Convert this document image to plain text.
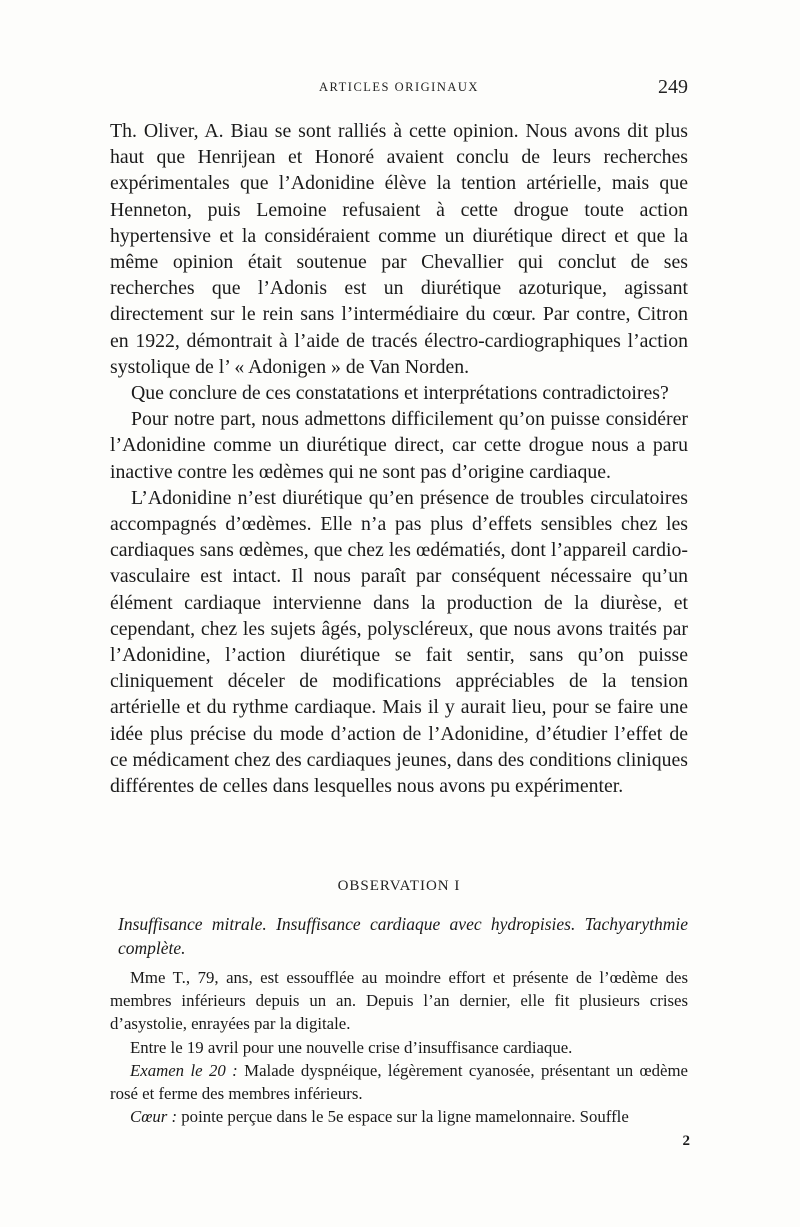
ARTICLES ORIGINAUX	249

Th. Oliver, A. Biau se sont ralliés à cette opinion. Nous avons dit plus haut que Henrijean et Honoré avaient conclu de leurs recherches expérimentales que l’Adonidine élève la tention artérielle, mais que Henneton, puis Lemoine refusaient à cette drogue toute action hypertensive et la considéraient comme un diurétique direct et que la même opinion était soutenue par Chevallier qui conclut de ses recherches que l’Adonis est un diurétique azoturique, agissant directement sur le rein sans l’intermédiaire du cœur. Par contre, Citron en 1922, démontrait à l’aide de tracés électro-cardiographiques l’action systolique de l’ « Adonigen » de Van Norden.

Que conclure de ces constatations et interprétations contradictoires?

Pour notre part, nous admettons difficilement qu’on puisse considérer l’Adonidine comme un diurétique direct, car cette drogue nous a paru inactive contre les œdèmes qui ne sont pas d’origine cardiaque.

L’Adonidine n’est diurétique qu’en présence de troubles circulatoires accompagnés d’œdèmes. Elle n’a pas plus d’effets sensibles chez les cardiaques sans œdèmes, que chez les œdématiés, dont l’appareil cardio-vasculaire est intact. Il nous paraît par conséquent nécessaire qu’un élément cardiaque intervienne dans la production de la diurèse, et cependant, chez les sujets âgés, polyscléreux, que nous avons traités par l’Adonidine, l’action diurétique se fait sentir, sans qu’on puisse cliniquement déceler de modifications appréciables de la tension artérielle et du rythme cardiaque. Mais il y aurait lieu, pour se faire une idée plus précise du mode d’action de l’Adonidine, d’étudier l’effet de ce médicament chez des cardiaques jeunes, dans des conditions cliniques différentes de celles dans lesquelles nous avons pu expérimenter.

OBSERVATION I
Insuffisance mitrale. Insuffisance cardiaque avec hydropisies. Tachyarythmie complète.

Mme T., 79, ans, est essoufflée au moindre effort et présente de l’œdème des membres inférieurs depuis un an. Depuis l’an dernier, elle fit plusieurs crises d’asystolie, enrayées par la digitale.

Entre le 19 avril pour une nouvelle crise d’insuffisance cardiaque.

Examen le 20 : Malade dyspnéique, légèrement cyanosée, présentant un œdème rosé et ferme des membres inférieurs.

Cœur : pointe perçue dans le 5e espace sur la ligne mamelonnaire. Souffle

2
